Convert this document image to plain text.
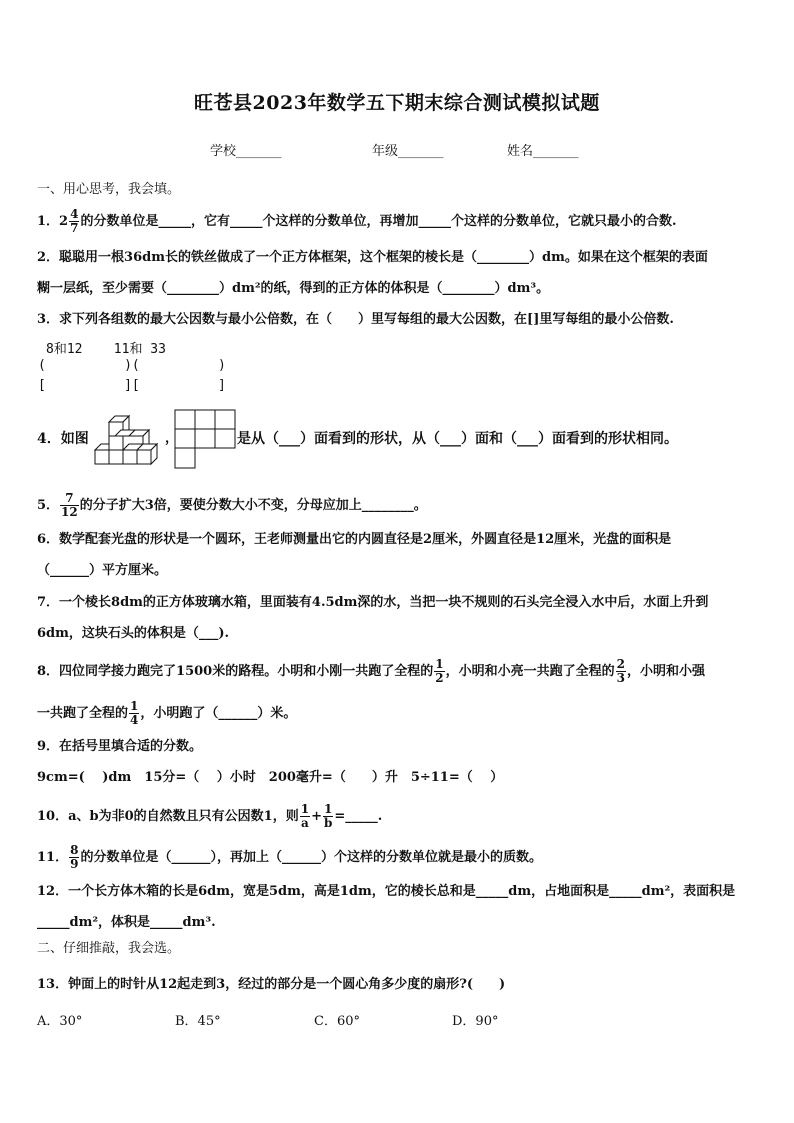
旺苍县2023年数学五下期末综合测试模拟试题
学校_______	年级_______	姓名_______
一、用心思考，我会填。
1．$2 \frac{4}{7}$ 的分数单位是_____，它有_____个这样的分数单位，再增加_____个这样的分数单位，它就只最小的合数.
2．聪聪用一根36dm长的铁丝做成了一个正方体框架，这个框架的棱长是（________）dm。如果在这个框架的表面
糊一层纸，至少需要（________）dm²的纸，得到的正方体的体积是（________）dm³。
3．求下列各组数的最大公因数与最小公倍数，在（　　）里写每组的最大公因数，在[]里写每组的最小公倍数.
8和12    11和 33
(          )(          )
[          ][          ]
4．如图	，	是从（___）面看到的形状，从（___）面和（___）面看到的形状相同。
5． $\frac{7}{12}$ 的分子扩大3倍，要使分数大小不变，分母应加上________。
6．数学配套光盘的形状是一个圆环，王老师测量出它的内圆直径是2厘米，外圆直径是12厘米，光盘的面积是
（______）平方厘米。
7．一个棱长8dm的正方体玻璃水箱，里面装有4.5dm深的水，当把一块不规则的石头完全浸入水中后，水面上升到
6dm，这块石头的体积是（___).
8．四位同学接力跑完了1500米的路程。小明和小刚一共跑了全程的 $\frac{1}{2}$ ，小明和小亮一共跑了全程的 $\frac{2}{3}$ ，小明和小强
一共跑了全程的 $\frac{1}{4}$ ，小明跑了（______）米。
9．在括号里填合适的分数。
9cm=(　 )dm　15分=（　 ）小时　200毫升=（　　）升　5÷11=（　 ）
10．a、b为非0的自然数且只有公因数1，则 $\frac{1}{a} + \frac{1}{b}$ =_____.
11． $\frac{8}{9}$ 的分数单位是（______），再加上（______）个这样的分数单位就是最小的质数。
12．一个长方体木箱的长是6dm，宽是5dm，高是1dm，它的棱长总和是_____dm，占地面积是_____dm²，表面积是
_____dm²，体积是_____dm³.
二、仔细推敲，我会选。
13．钟面上的时针从12起走到3，经过的部分是一个圆心角多少度的扇形?(　　)
A．30°	B．45°	C．60°	D．90°
